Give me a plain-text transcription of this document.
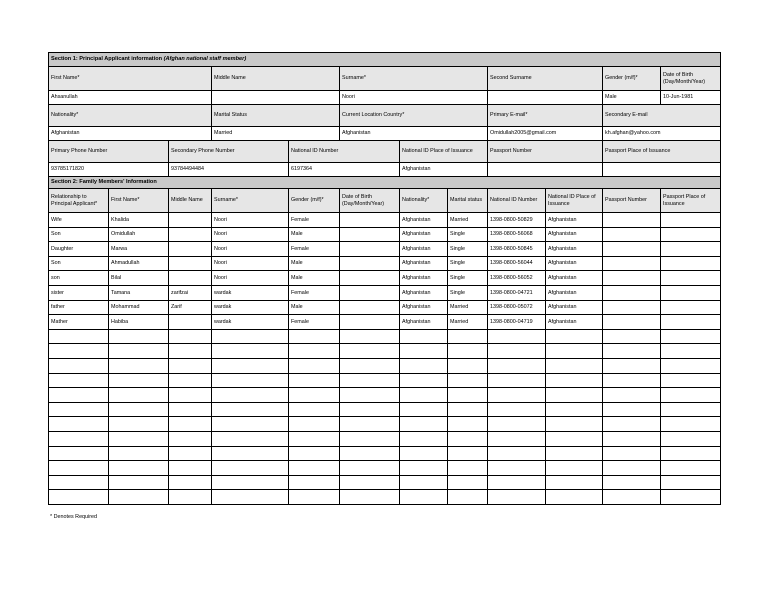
Section 1: Principal Applicant information (Afghan national staff member)											
First Name*			Middle Name		Surname*			Second Surname		Gender (m/f)*	Date of Birth (Day/Month/Year)
Ahsanullah					Noori					Male	10-Jun-1981
Nationality*			Marital Status		Current Location Country*			Primary E-mail*		Secondary E-mail	
Afghanistan			Married		Afghanistan			Omidullah2005@gmail.com		kh.afghan@yahoo.com	
Primary Phone Number		Secondary Phone Number		National ID Number		National ID Place of Issuance		Passport Number		Passport Place of Issuance	
93785171820		93784494484		6197364		Afghanistan					
Section 2: Family Members' Information											
Relationship to Principal Applicant*	First Name*	Middle Name	Surname*	Gender (m/f)*	Date of Birth (Day/Month/Year)	Nationality*	Marital status	National ID Number	National ID Place of Issuance	Passport Number	Passport Place of Issuance
Wife	Khalida		Noori	Female		Afghanistan	Married	1398-0800-50829	Afghanistan		
Son	Omidullah		Noori	Male		Afghanistan	Single	1398-0800-56068	Afghanistan		
Daughter	Marwa		Noori	Female		Afghanistan	Single	1398-0800-50845	Afghanistan		
Son	Ahmadullah		Noori	Male		Afghanistan	Single	1398-0800-56044	Afghanistan		
son	Bilal		Noori	Male		Afghanistan	Single	1398-0800-56052	Afghanistan		
sister	Tamana	zarifzai	wardak	Female		Afghanistan	Single	1398-0800-04721	Afghanistan		
father	Mohammad	Zarif	wardak	Male		Afghanistan	Married	1398-0800-05072	Afghanistan		
Mather	Habiba		wardak	Female		Afghanistan	Married	1398-0800-04719	Afghanistan		

* Denotes Required
